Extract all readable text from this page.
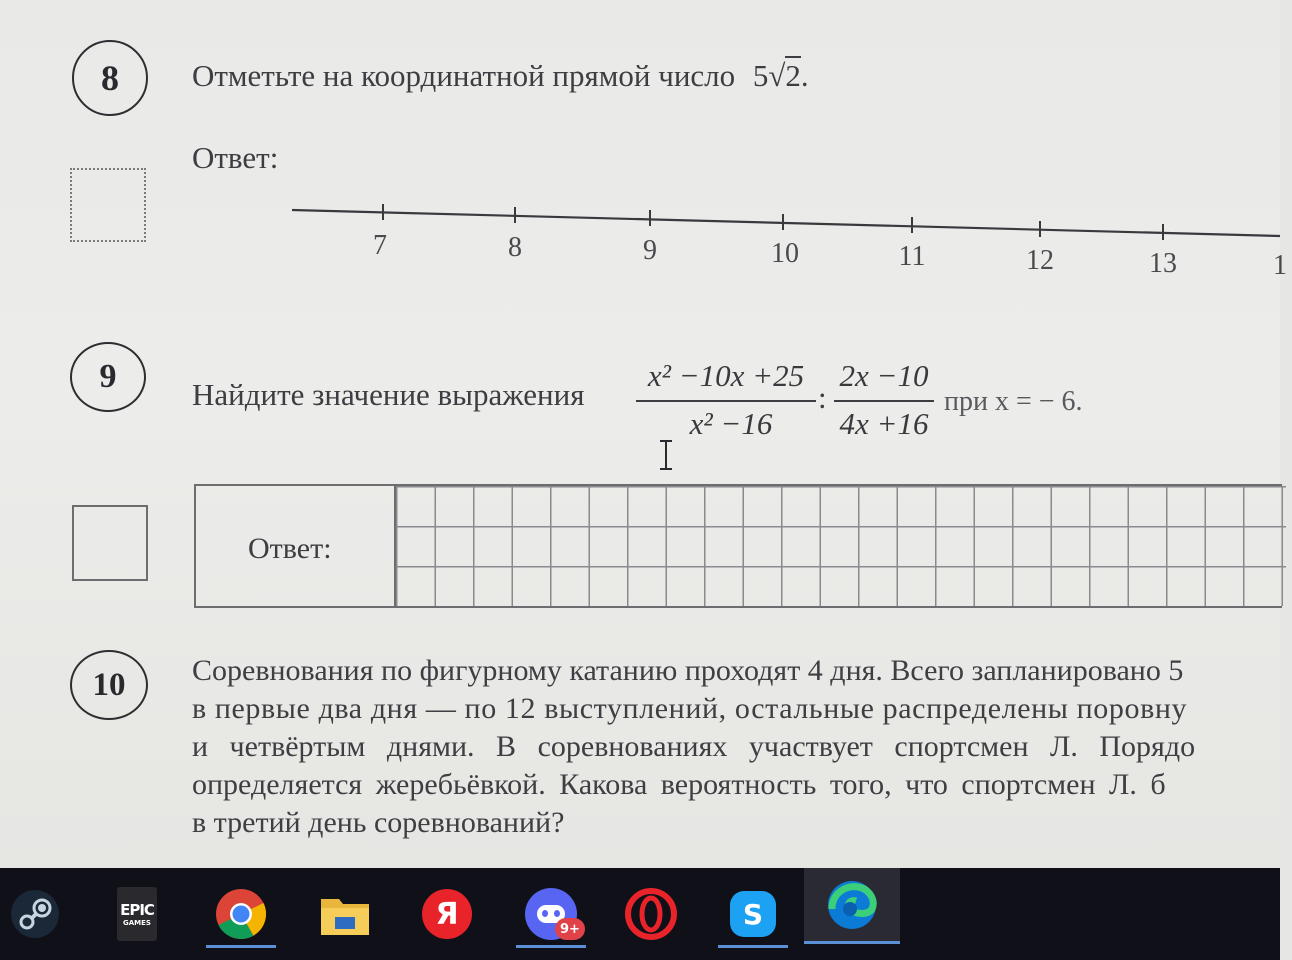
8	Отметьте на координатной прямой число 5√2.
Ответ:
7	8	9	10	11	12	13	1
9	Найдите значение выражения
x² −10x +25
x² −16
:
2x −10
4x +16
при x = − 6.
Ответ:
10	Соревнования по фигурному катанию проходят 4 дня. Всего запланировано 5
в первые два дня — по 12 выступлений, остальные распределены поровну
и четвёртым днями. В соревнованиях участвует спортсмен Л. Порядо
определяется жеребьёвкой. Какова вероятность того, что спортсмен Л. б
в третий день соревнований?
EPIC
GAMES	Я	9+	S
